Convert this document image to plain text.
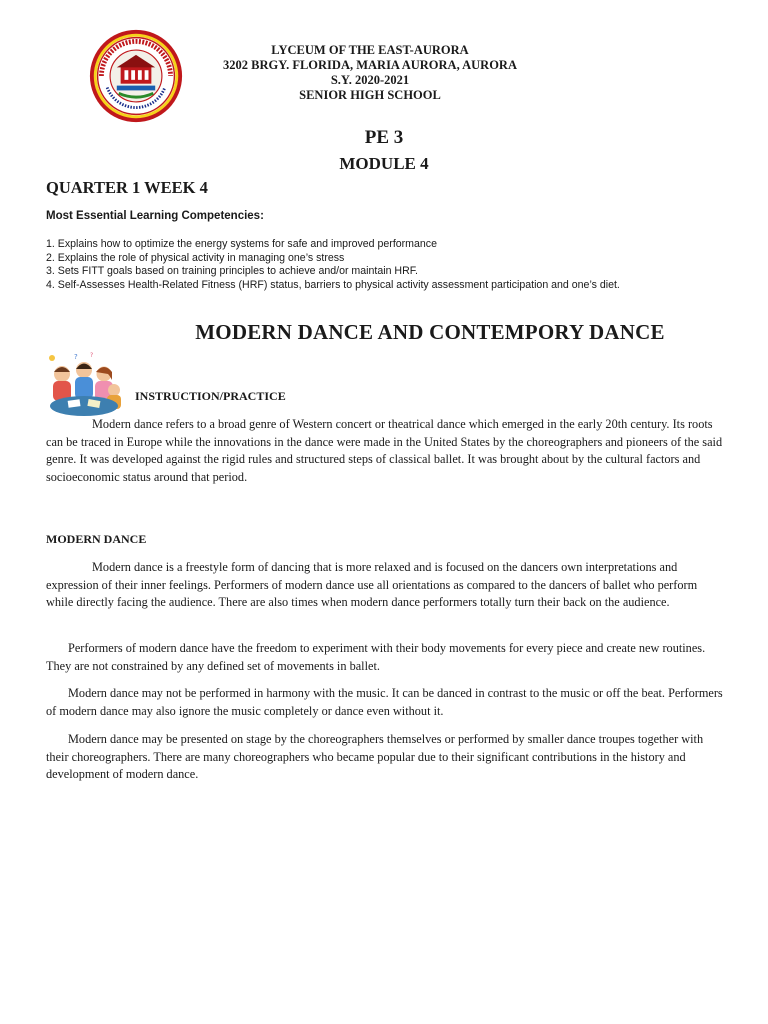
LYCEUM OF THE EAST-AURORA
3202 BRGY. FLORIDA, MARIA AURORA, AURORA
S.Y. 2020-2021
SENIOR HIGH SCHOOL
PE 3
MODULE 4
QUARTER 1 WEEK 4
Most Essential Learning Competencies:
1. Explains how to optimize the energy systems for safe and improved performance
2. Explains the role of physical activity in managing one’s stress
3. Sets FITT goals based on training principles to achieve and/or maintain HRF.
4. Self-Assesses Health-Related Fitness (HRF) status, barriers to physical activity assessment participation and one’s diet.
MODERN DANCE AND CONTEMPORY DANCE
? ?
INSTRUCTION/PRACTICE

Modern dance refers to a broad genre of Western concert or theatrical dance which emerged in the early 20th century. Its roots can be traced in Europe while the innovations in the dance were made in the United States by the choreographers and pioneers of the said genre. It was developed against the rigid rules and structured steps of classical ballet. It was brought about by the cultural factors and socioeconomic status around that period.

MODERN DANCE

Modern dance is a freestyle form of dancing that is more relaxed and is focused on the dancers own interpretations and expression of their inner feelings. Performers of modern dance use all orientations as compared to the dancers of ballet who perform while directly facing the audience. There are also times when modern dance performers totally turn their back on the audience.

Performers of modern dance have the freedom to experiment with their body movements for every piece and create new routines. They are not constrained by any defined set of movements in ballet.

Modern dance may not be performed in harmony with the music. It can be danced in contrast to the music or off the beat. Performers of modern dance may also ignore the music completely or dance even without it.

Modern dance may be presented on stage by the choreographers themselves or performed by smaller dance troupes together with their choreographers. There are many choreographers who became popular due to their significant contributions in the history and development of modern dance.
